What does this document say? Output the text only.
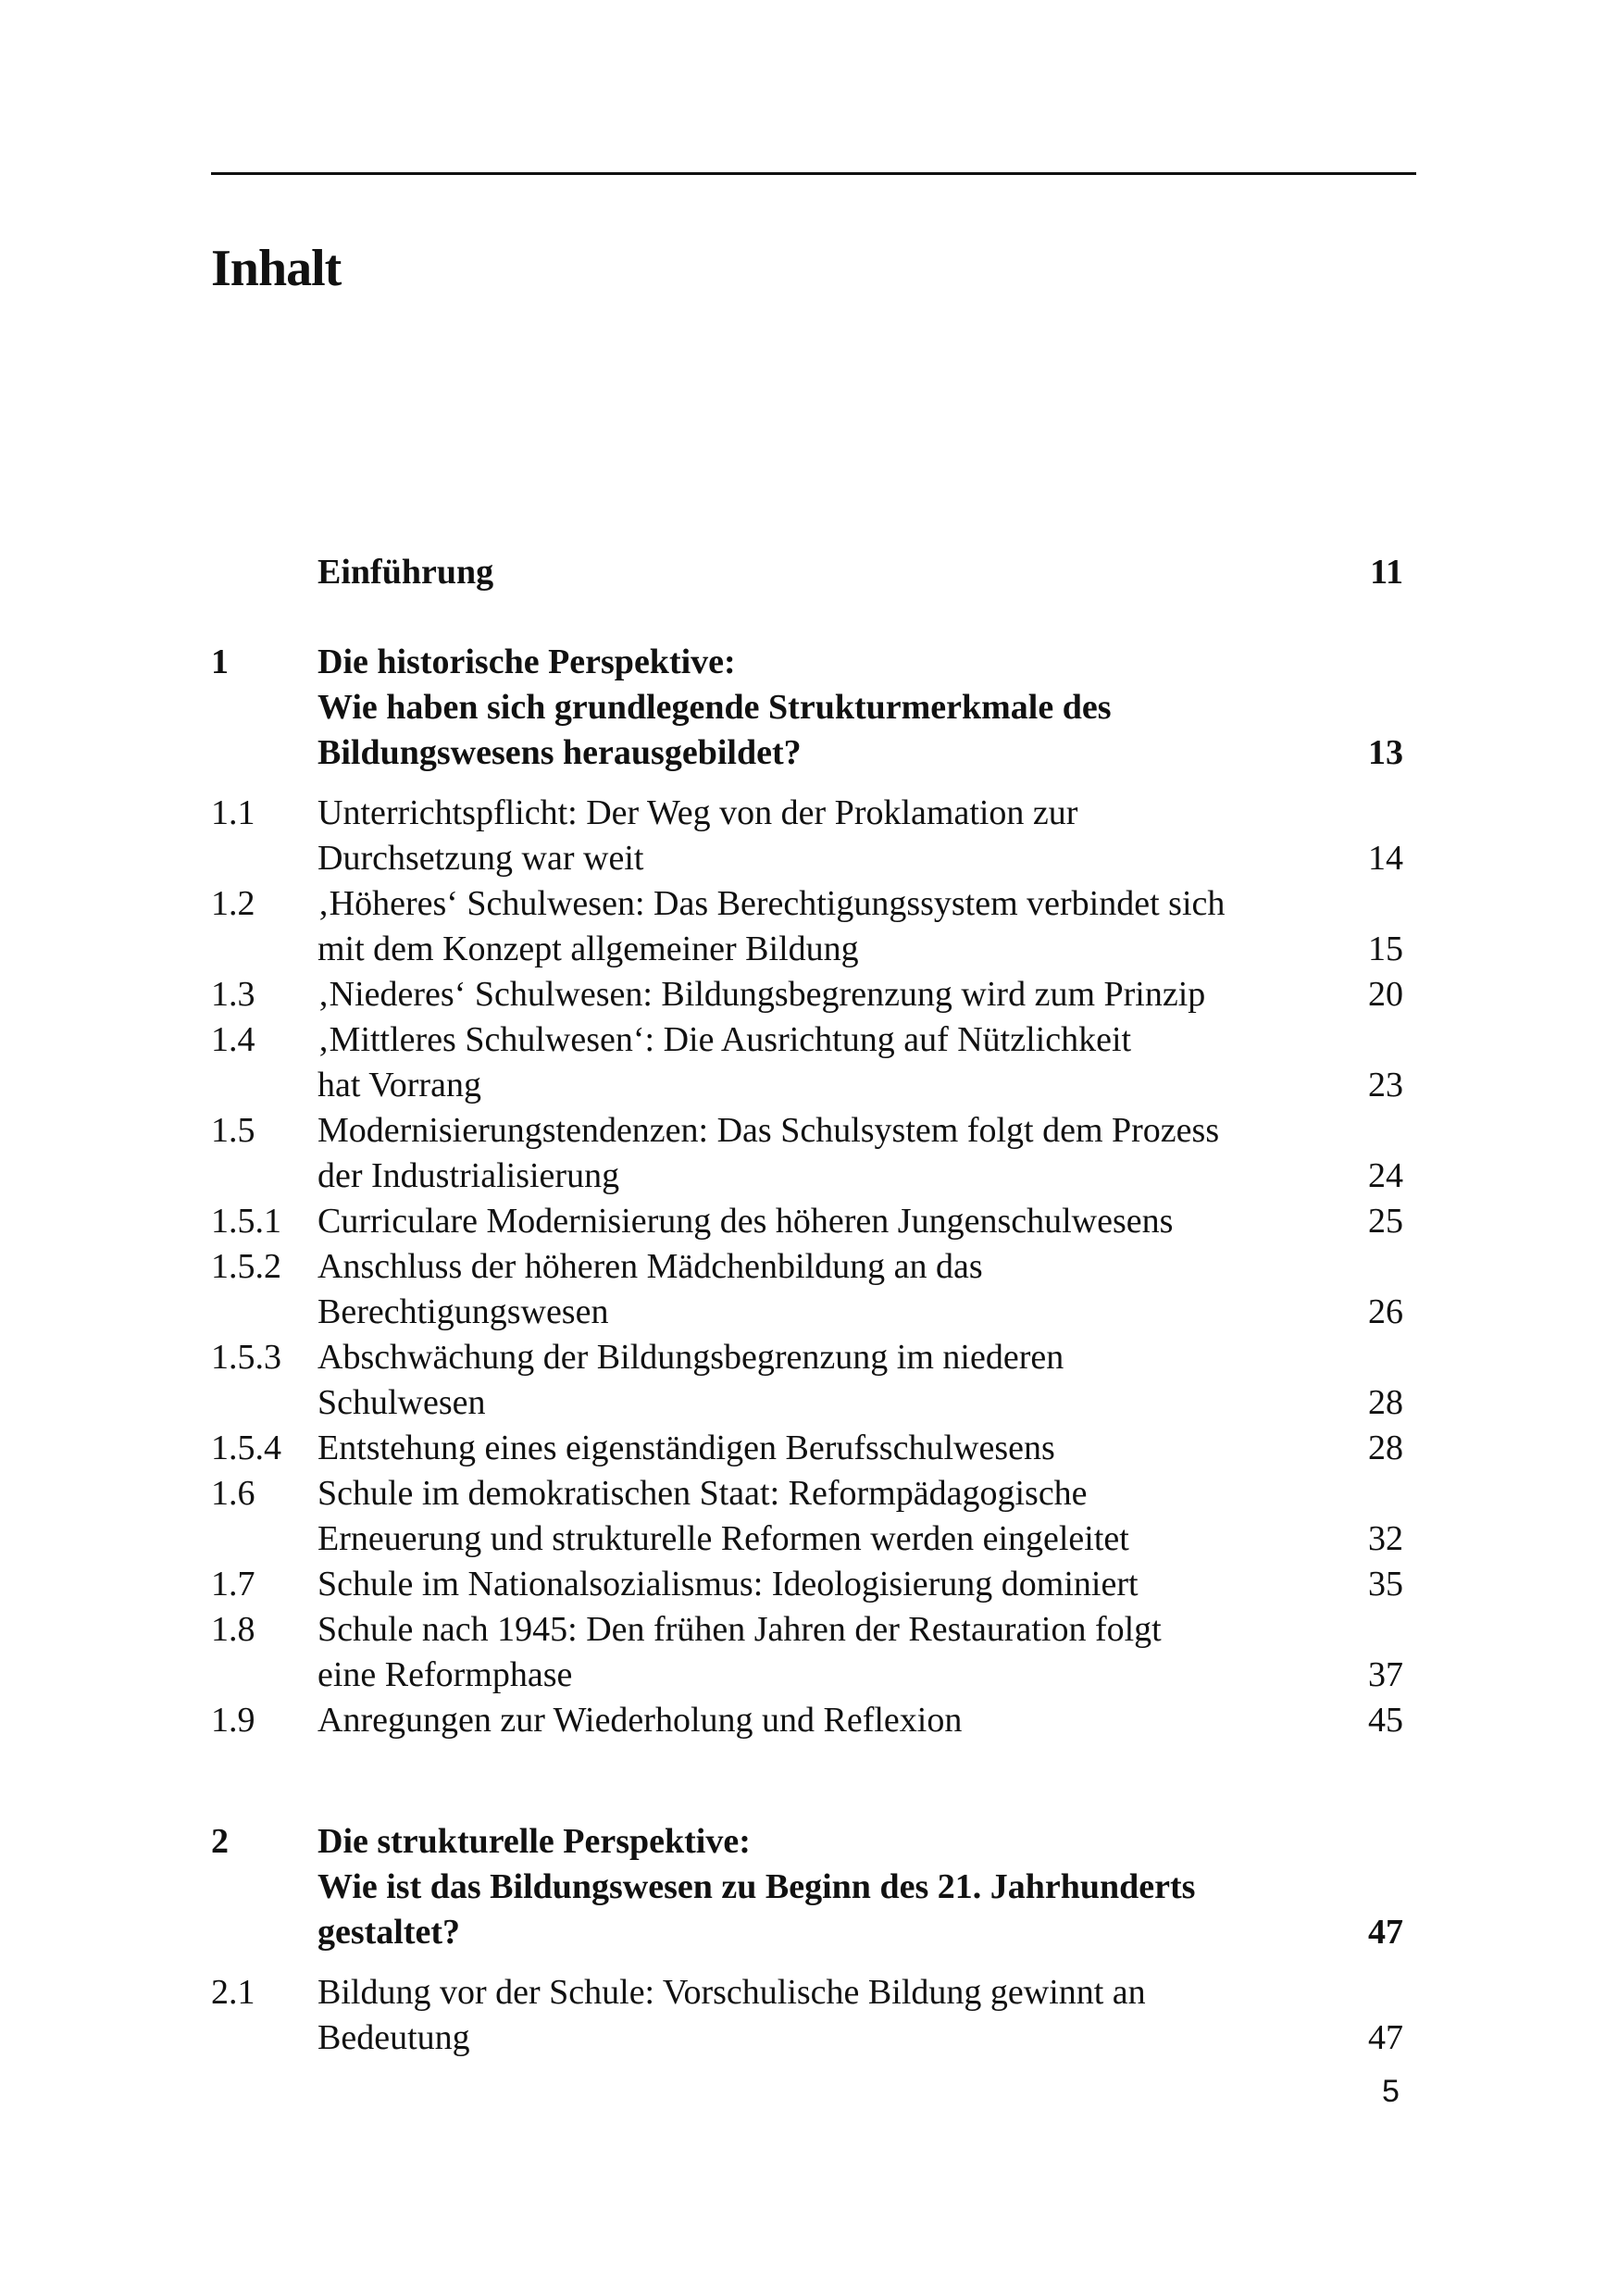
Inhalt
Einführung	11
1	Die historische Perspektive:
Wie haben sich grundlegende Strukturmerkmale des
Bildungswesens herausgebildet?	13
1.1	Unterrichtspflicht: Der Weg von der Proklamation zur
Durchsetzung war weit	14
1.2	‚Höheres‘ Schulwesen: Das Berechtigungssystem verbindet sich
mit dem Konzept allgemeiner Bildung	15
1.3	‚Niederes‘ Schulwesen: Bildungsbegrenzung wird zum Prinzip	20
1.4	‚Mittleres Schulwesen‘: Die Ausrichtung auf Nützlichkeit
hat Vorrang	23
1.5	Modernisierungstendenzen: Das Schulsystem folgt dem Prozess
der Industrialisierung	24
1.5.1	Curriculare Modernisierung des höheren Jungenschulwesens	25
1.5.2	Anschluss der höheren Mädchenbildung an das
Berechtigungswesen	26
1.5.3	Abschwächung der Bildungsbegrenzung im niederen
Schulwesen	28
1.5.4	Entstehung eines eigenständigen Berufsschulwesens	28
1.6	Schule im demokratischen Staat: Reformpädagogische
Erneuerung und strukturelle Reformen werden eingeleitet	32
1.7	Schule im Nationalsozialismus: Ideologisierung dominiert	35
1.8	Schule nach 1945: Den frühen Jahren der Restauration folgt
eine Reformphase	37
1.9	Anregungen zur Wiederholung und Reflexion	45
2	Die strukturelle Perspektive:
Wie ist das Bildungswesen zu Beginn des 21. Jahrhunderts
gestaltet?	47
2.1	Bildung vor der Schule: Vorschulische Bildung gewinnt an
Bedeutung	47
5
